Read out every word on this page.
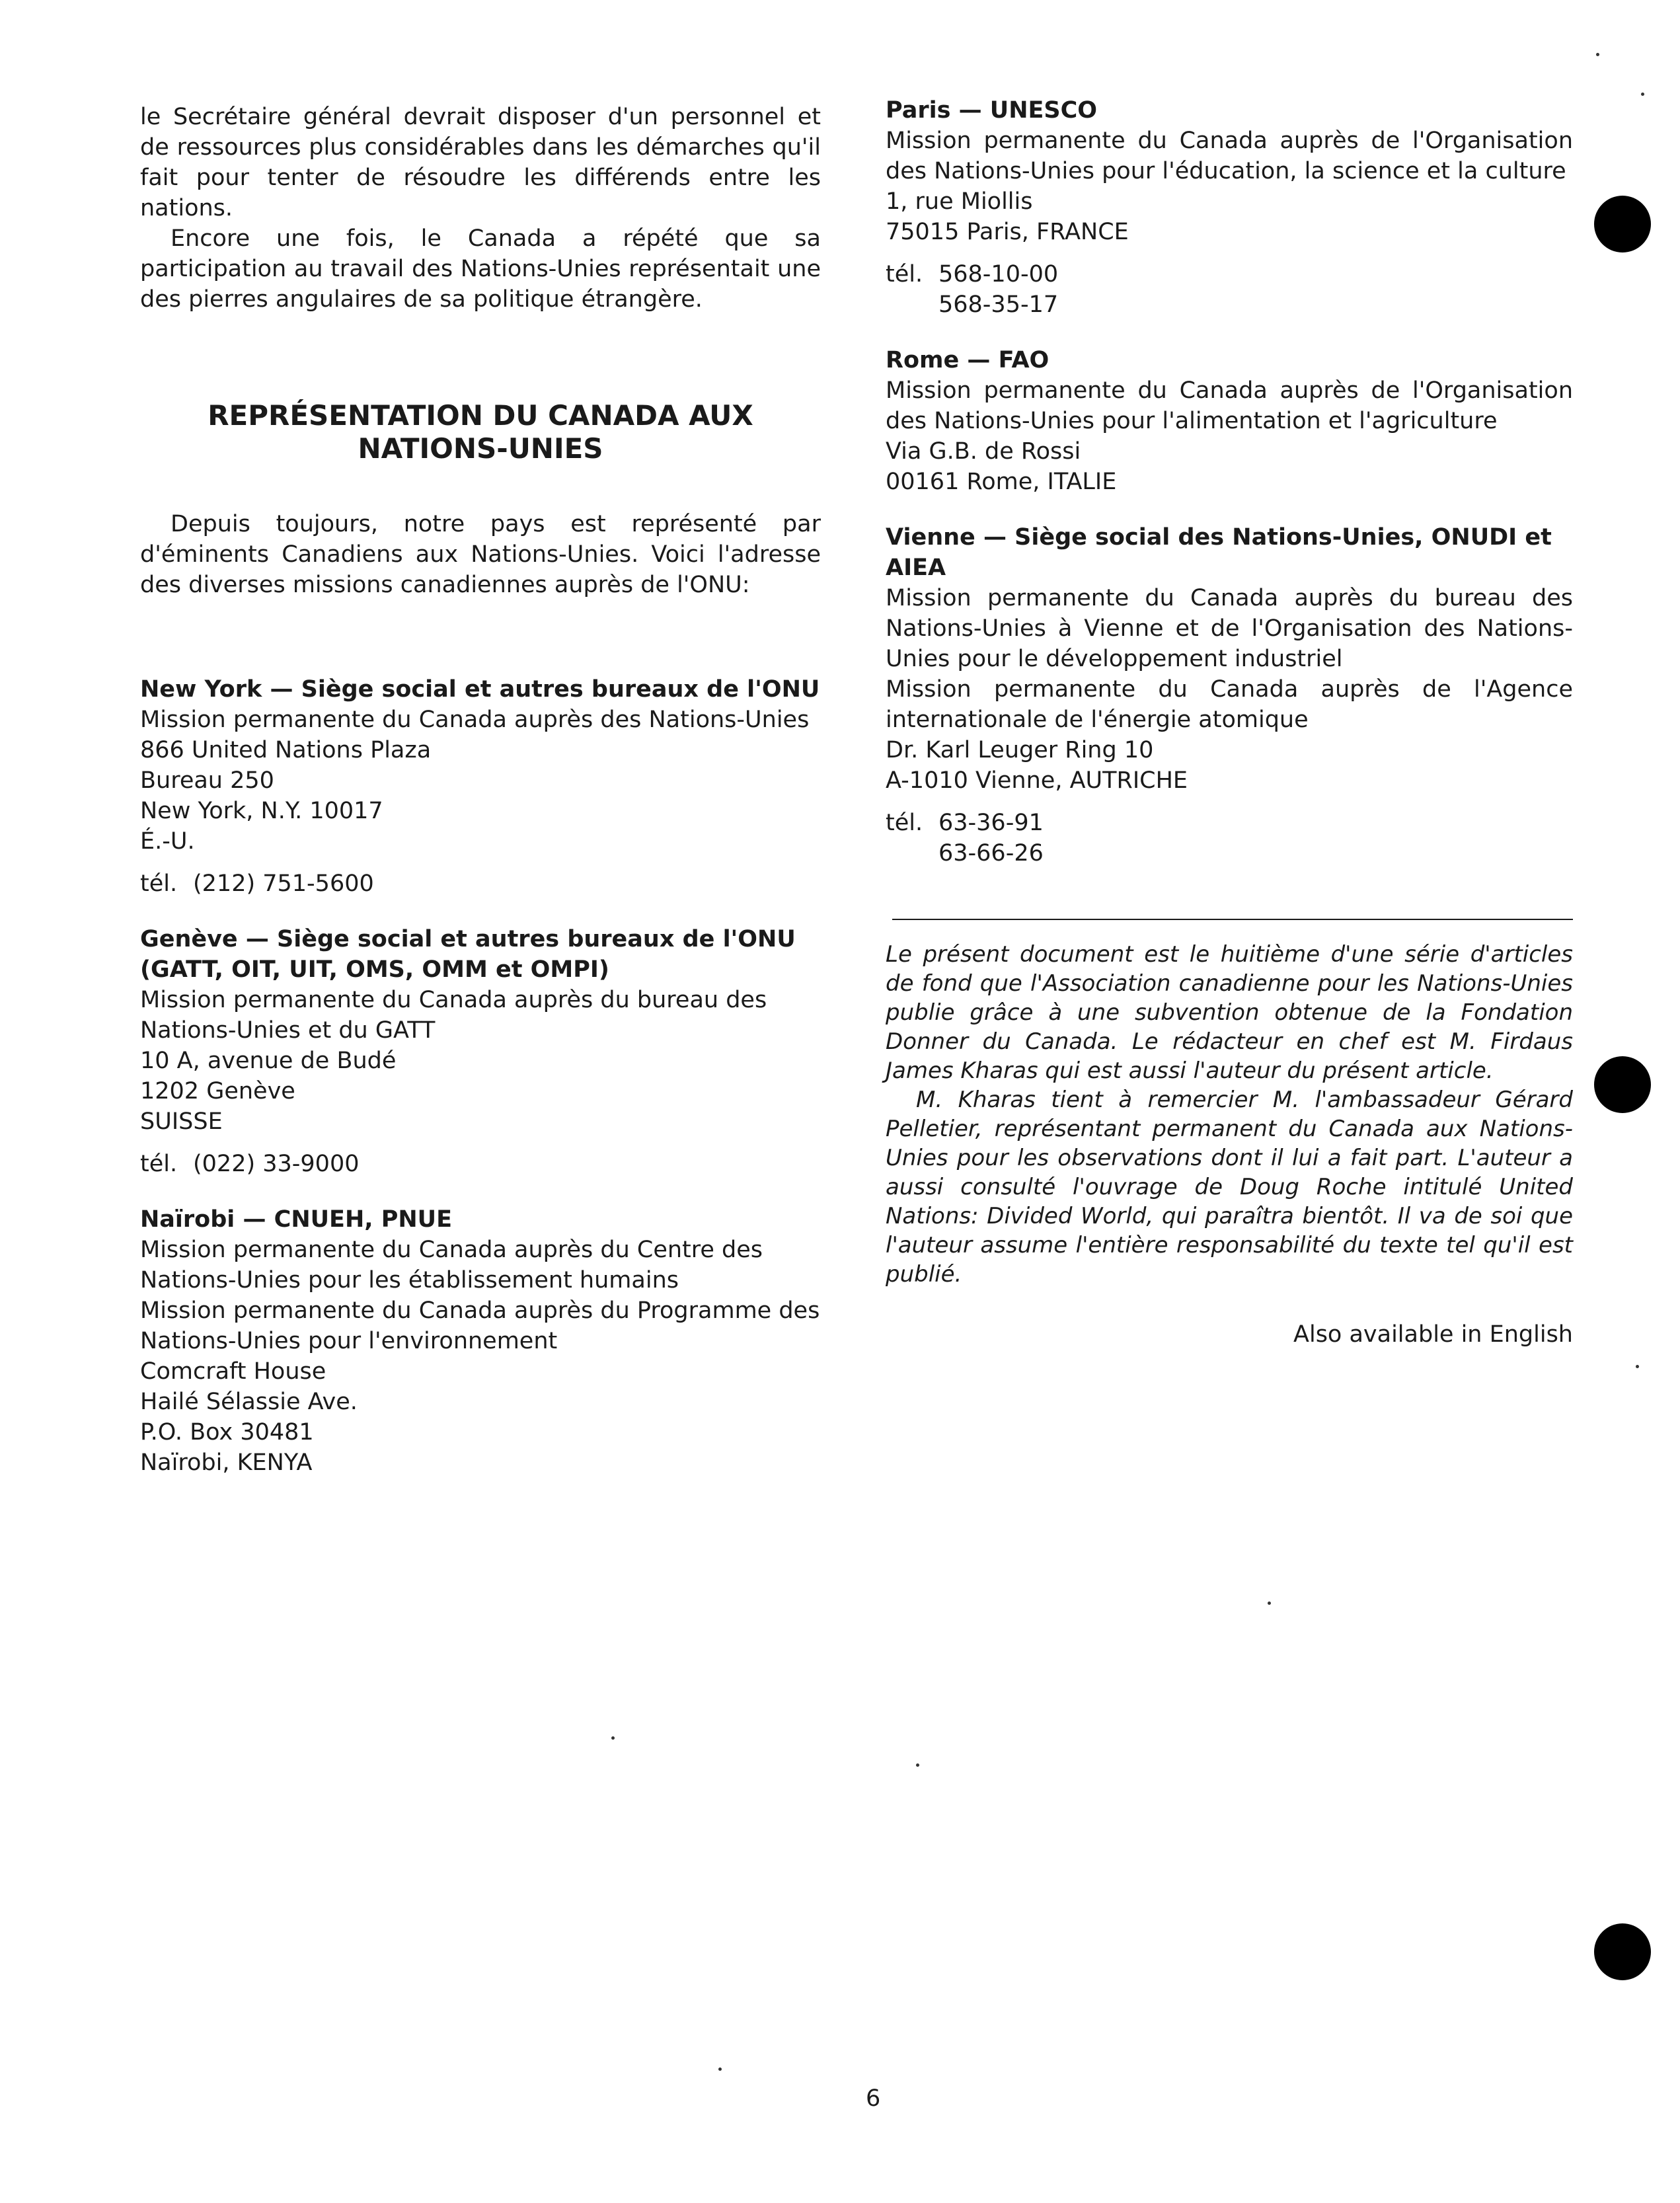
le Secrétaire général devrait disposer d'un personnel et de ressources plus considérables dans les démarches qu'il fait pour tenter de résoudre les différends entre les nations.

Encore une fois, le Canada a répété que sa participation au travail des Nations-Unies représentait une des pierres angulaires de sa politique étrangère.

REPRÉSENTATION DU CANADA AUX NATIONS-UNIES

Depuis toujours, notre pays est représenté par d'éminents Canadiens aux Nations-Unies. Voici l'adresse des diverses missions canadiennes auprès de l'ONU:

New York — Siège social et autres bureaux de l'ONU
Mission permanente du Canada auprès des Nations-Unies
866 United Nations Plaza
Bureau 250
New York, N.Y. 10017
É.-U.
tél. (212) 751-5600
Genève — Siège social et autres bureaux de l'ONU (GATT, OIT, UIT, OMS, OMM et OMPI)
Mission permanente du Canada auprès du bureau des Nations-Unies et du GATT
10 A, avenue de Budé
1202 Genève
SUISSE
tél. (022) 33-9000
Naïrobi — CNUEH, PNUE
Mission permanente du Canada auprès du Centre des Nations-Unies pour les établissement humains
Mission permanente du Canada auprès du Programme des Nations-Unies pour l'environnement
Comcraft House
Hailé Sélassie Ave.
P.O. Box 30481
Naïrobi, KENYA
Paris — UNESCO
Mission permanente du Canada auprès de l'Organisation des Nations-Unies pour l'éducation, la science et la culture
1, rue Miollis
75015 Paris, FRANCE
tél. 568-10-00
568-35-17
Rome — FAO
Mission permanente du Canada auprès de l'Organisation des Nations-Unies pour l'alimentation et l'agriculture
Via G.B. de Rossi
00161 Rome, ITALIE
Vienne — Siège social des Nations-Unies, ONUDI et AIEA
Mission permanente du Canada auprès du bureau des Nations-Unies à Vienne et de l'Organisation des Nations-Unies pour le développement industriel
Mission permanente du Canada auprès de l'Agence internationale de l'énergie atomique
Dr. Karl Leuger Ring 10
A-1010 Vienne, AUTRICHE
tél. 63-36-91
63-66-26

Le présent document est le huitième d'une série d'articles de fond que l'Association canadienne pour les Nations-Unies publie grâce à une subvention obtenue de la Fondation Donner du Canada. Le rédacteur en chef est M. Firdaus James Kharas qui est aussi l'auteur du présent article.

M. Kharas tient à remercier M. l'ambassadeur Gérard Pelletier, représentant permanent du Canada aux Nations-Unies pour les observations dont il lui a fait part. L'auteur a aussi consulté l'ouvrage de Doug Roche intitulé United Nations: Divided World, qui paraîtra bientôt. Il va de soi que l'auteur assume l'entière responsabilité du texte tel qu'il est publié.

Also available in English

6
